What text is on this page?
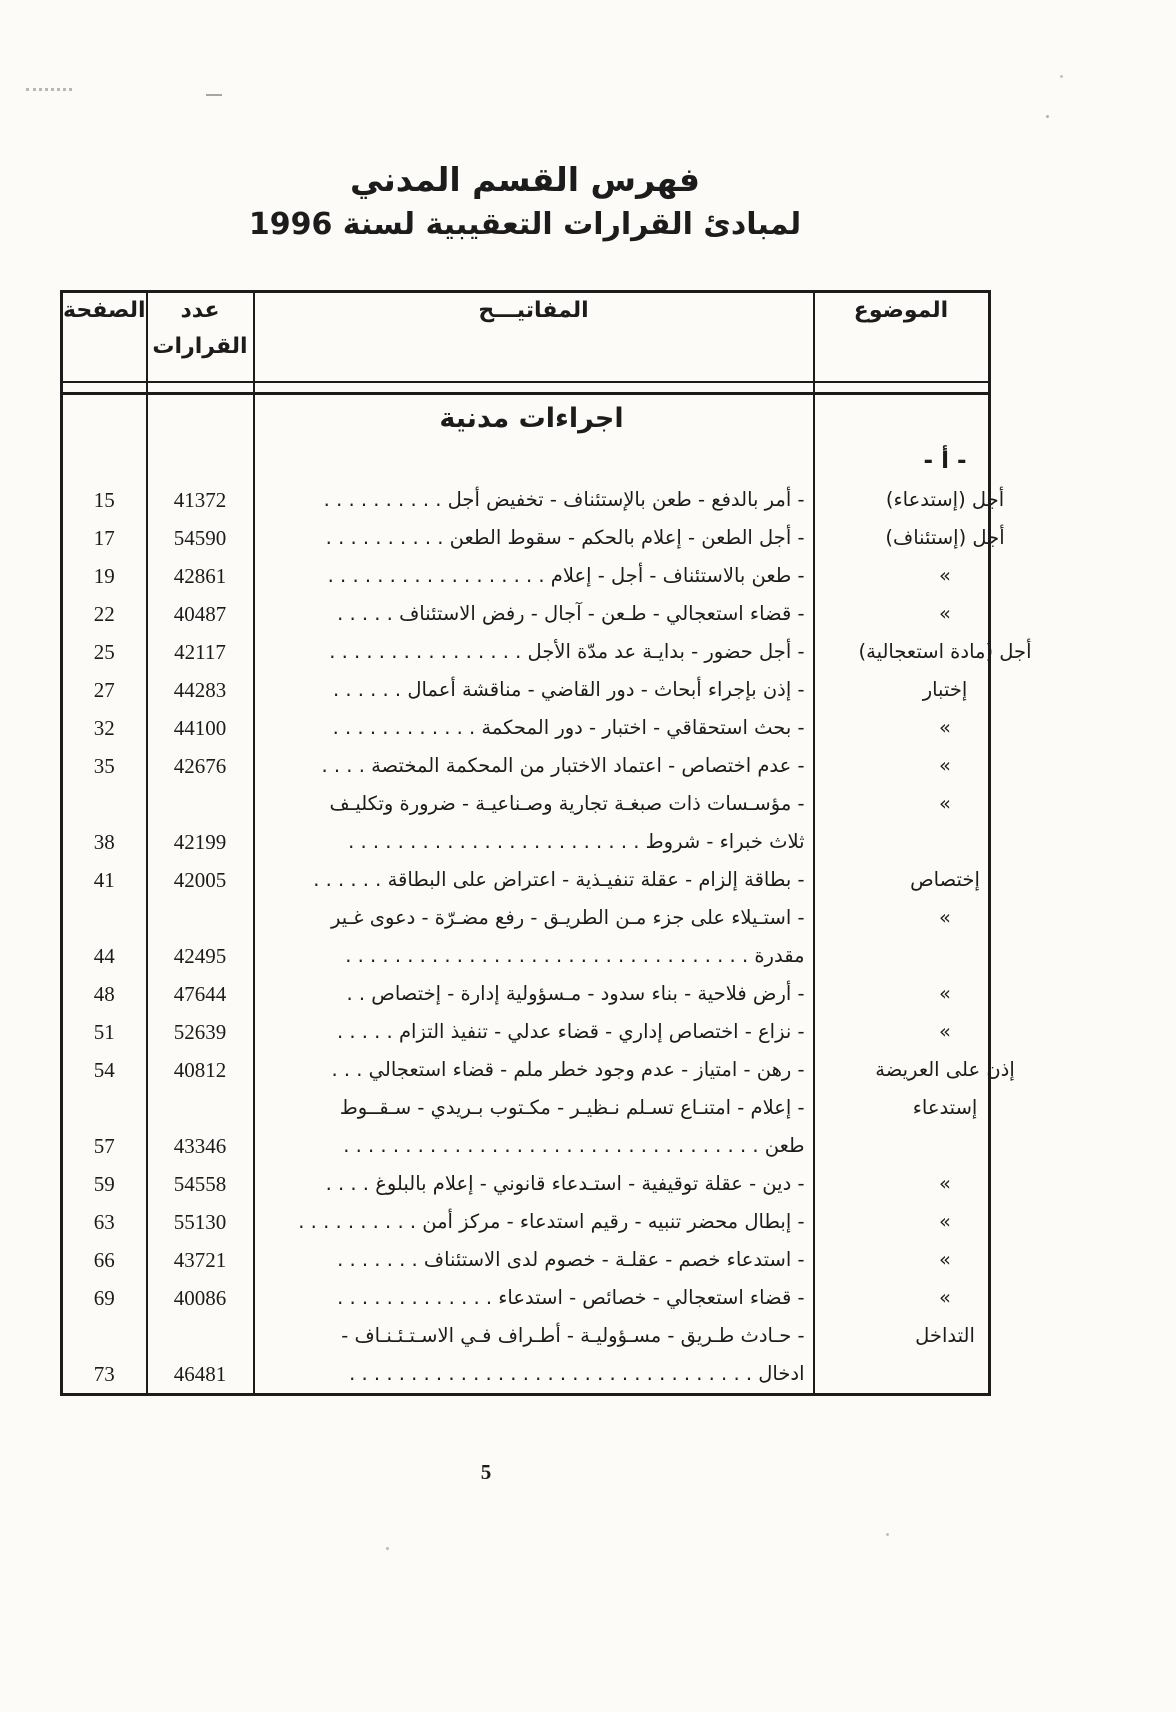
فهرس القسم المدني
لمبادئ القرارات التعقيبية لسنة 1996
الموضوع	المفاتيـــح	عدد القرارات	الصفحة

	اجراءات مدنية		

- أ -			
أجل (إستدعاء)	- أمر بالدفع - طعن بالإستئناف - تخفيض أجل . . . . . . . . . .	41372	15

أجل (إستئناف)	- أجل الطعن - إعلام بالحكم - سقوط الطعن . . . . . . . . . .	54590	17

»	- طعن بالاستئناف - أجل - إعلام . . . . . . . . . . . . . . . . . .	42861	19

»	- قضاء استعجالي - طـعن - آجال - رفض الاستئناف . . . . .	40487	22

أجل (مادة استعجالية)	- أجل حضور - بدايـة عد مدّة الأجل . . . . . . . . . . . . . . . .	42117	25

إختبار	- إذن بإجراء أبحاث - دور القاضي - مناقشة أعمال . . . . . .	44283	27

»	- بحث استحقاقي - اختبار - دور المحكمة . . . . . . . . . . . .	44100	32

»	- عدم اختصاص - اعتماد الاختبار من المحكمة المختصة . . . .	42676	35

»	- مؤسـسات ذات صبغـة تجارية وصـناعيـة - ضرورة وتكليـف
ثلاث خبراء - شروط . . . . . . . . . . . . . . . . . . . . . . . .	42199	38

إختصاص	- بطاقة إلزام - عقلة تنفيـذية - اعتراض على البطاقة . . . . . .	42005	41

»	- استـيلاء على جزء مـن الطريـق - رفع مضـرّة - دعوى غـير
مقدرة . . . . . . . . . . . . . . . . . . . . . . . . . . . . . . . . .	42495	44

»	- أرض فلاحية - بناء سدود - مـسؤولية إدارة - إختصاص . .	47644	48

»	- نزاع - اختصاص إداري - قضاء عدلي - تنفيذ التزام . . . . .	52639	51

إذن على العريضة	- رهن - امتياز - عدم وجود خطر ملم - قضاء استعجالي . . .	40812	54

إستدعاء	- إعلام - امتنـاع تسـلم نـظيـر - مكـتوب بـريدي - سـقــوط
طعن . . . . . . . . . . . . . . . . . . . . . . . . . . . . . . . . . .	43346	57

»	- دين - عقلة توقيفية - استـدعاء قانوني - إعلام بالبلوغ . . . .	54558	59

»	- إبطال محضر تنبيه - رقيم استدعاء - مركز أمن . . . . . . . . . .	55130	63

»	- استدعاء خصم - عقلـة - خصوم لدى الاستئناف . . . . . . .	43721	66

»	- قضاء استعجالي - خصائص - استدعاء . . . . . . . . . . . . .	40086	69

التداخل	- حـادث طـريق - مسـؤوليـة - أطـراف فـي الاسـتـئـنـاف -
ادخال . . . . . . . . . . . . . . . . . . . . . . . . . . . . . . . . .	46481	73
5
